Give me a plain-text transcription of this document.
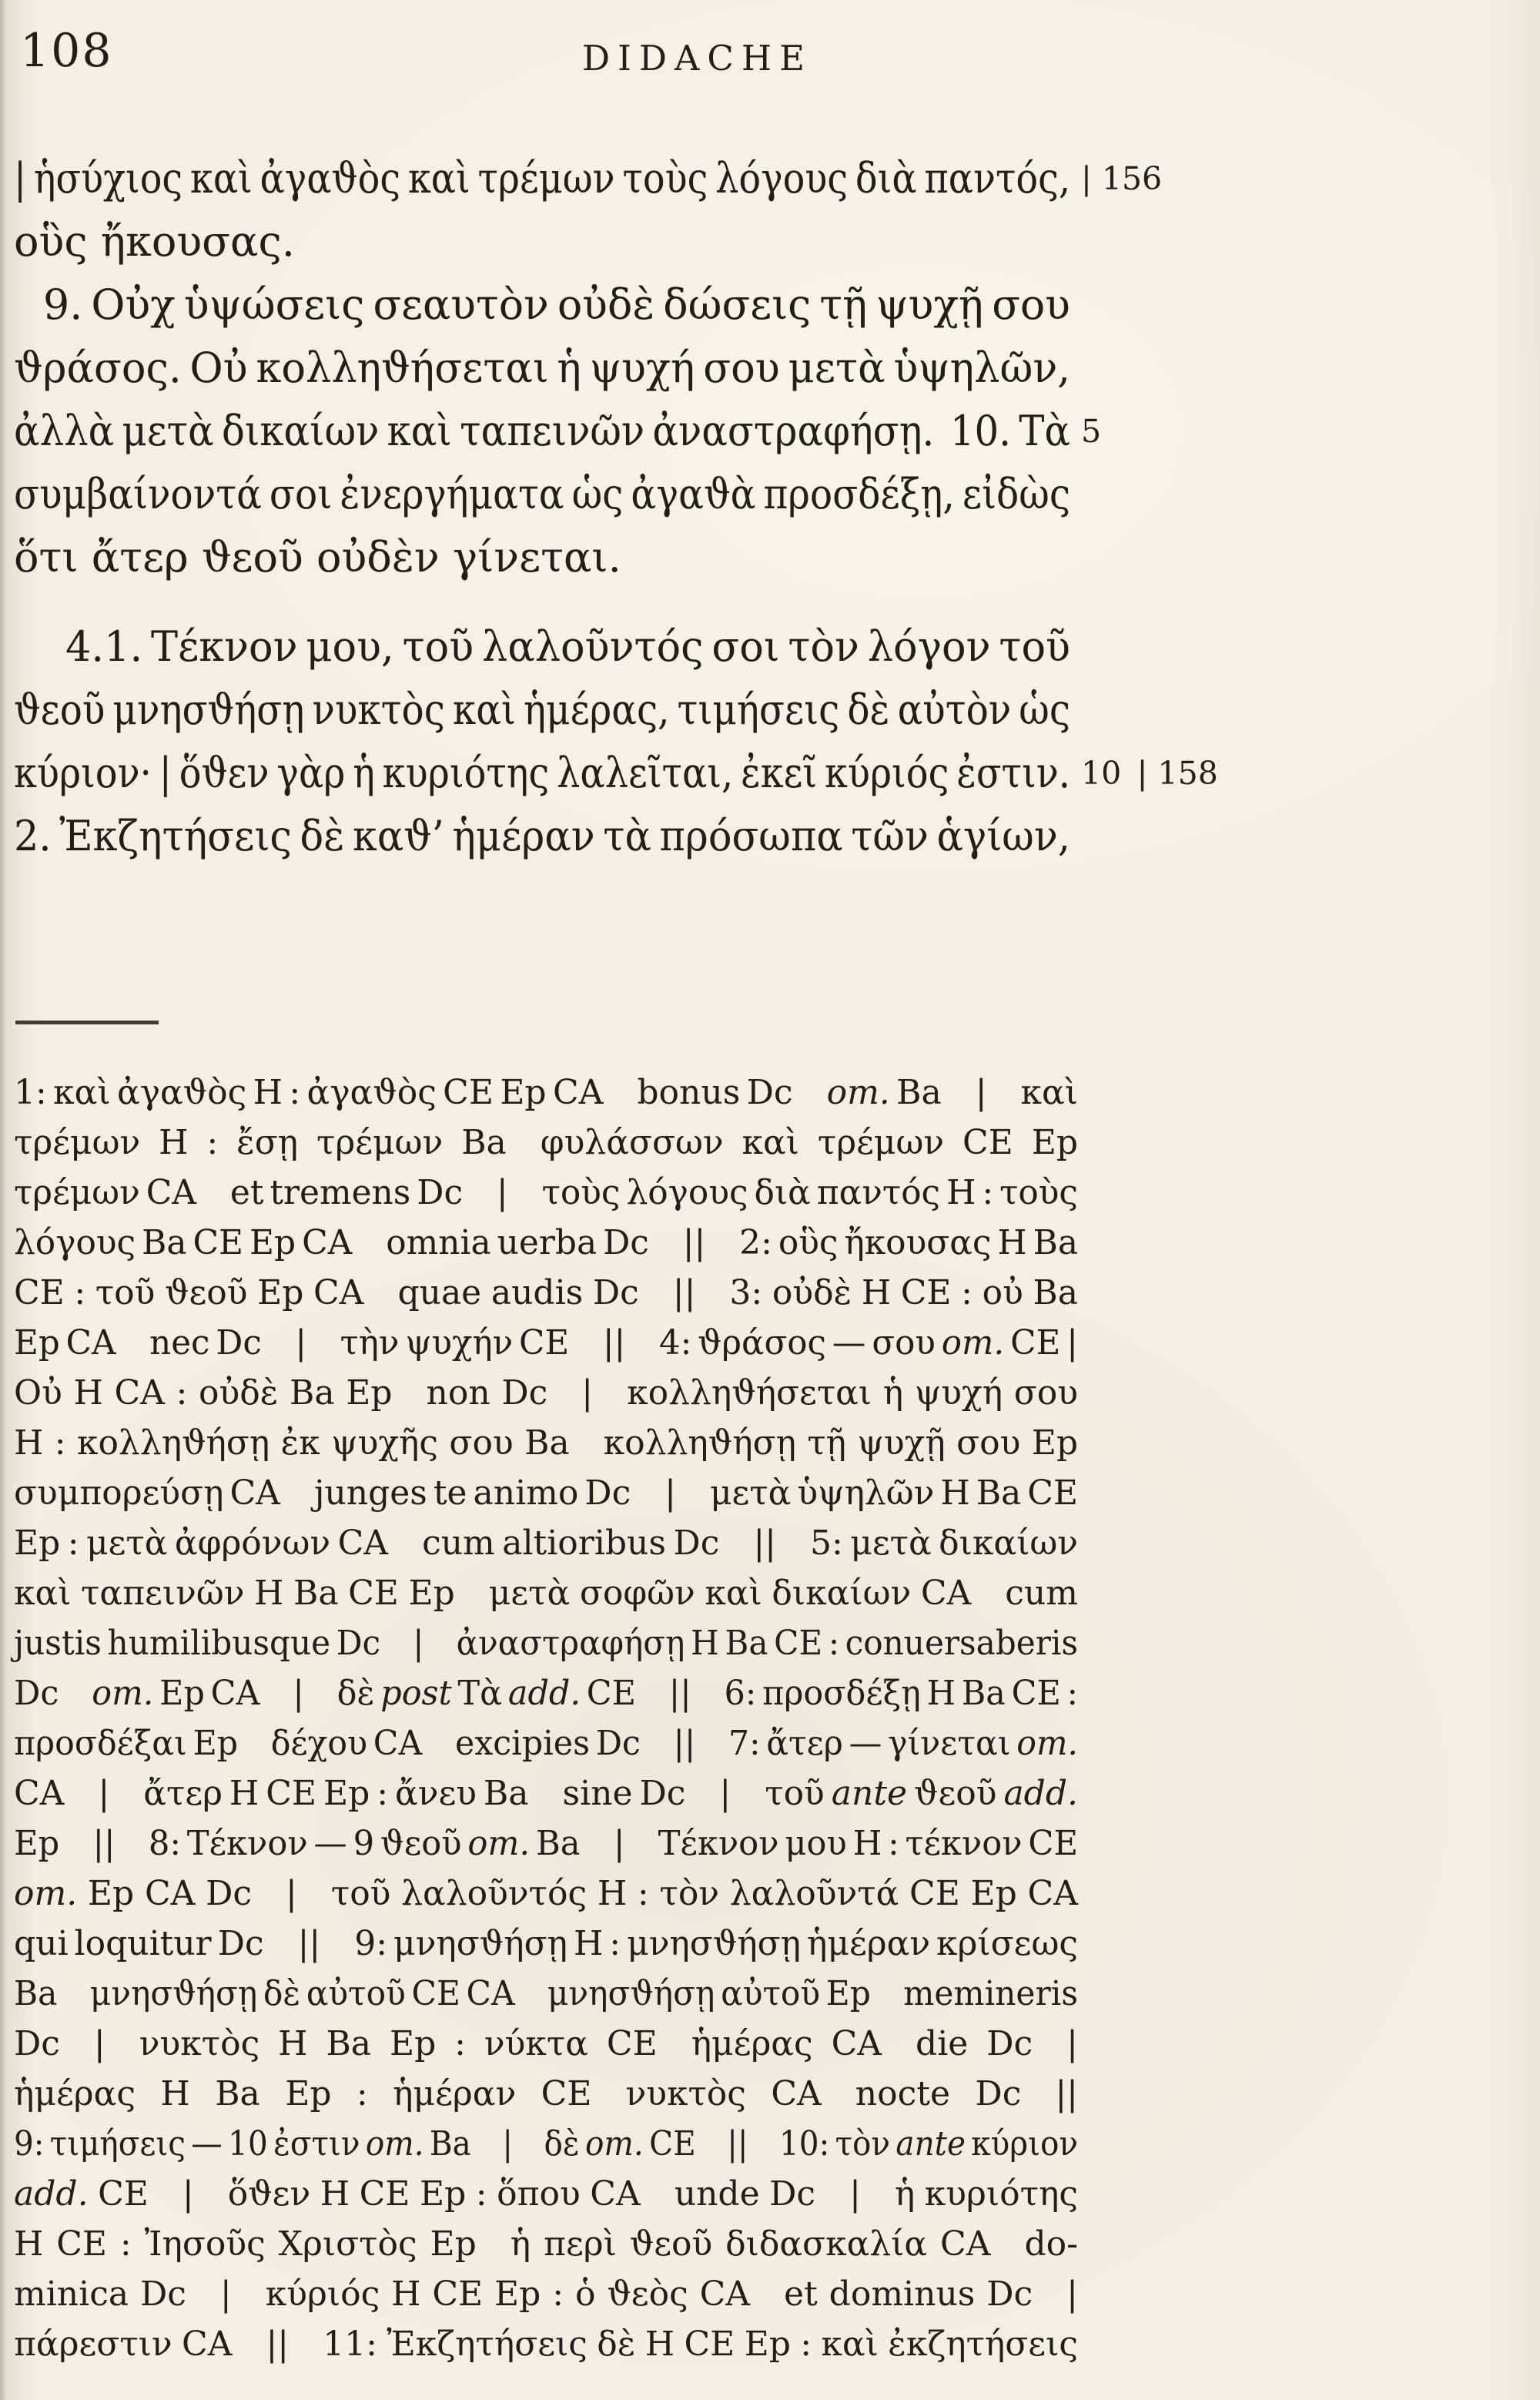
108	DIDACHE
| ἡσύχιος καὶ ἀγαϑὸς καὶ τρέμων τοὺς λόγους διὰ παντός, | 156
οὓς ἤκουσας.
9. Οὐχ ὑψώσεις σεαυτὸν οὐδὲ δώσεις τῇ ψυχῇ σου
ϑράσος. Οὐ κολληϑήσεται ἡ ψυχή σου μετὰ ὑψηλῶν,
ἀλλὰ μετὰ δικαίων καὶ ταπεινῶν ἀναστραφήσῃ.  10. Τὰ 5
συμβαίνοντά σοι ἐνεργήματα ὡς ἀγαϑὰ προσδέξῃ, εἰδὼς
ὅτι ἄτερ ϑεοῦ οὐδὲν γίνεται.
4.1. Τέκνον μου, τοῦ λαλοῦντός σοι τὸν λόγον τοῦ
ϑεοῦ μνησϑήσῃ νυκτὸς καὶ ἡμέρας, τιμήσεις δὲ αὐτὸν ὡς
κύριον· | ὅϑεν γὰρ ἡ κυριότης λαλεῖται, ἐκεῖ κύριός ἐστιν. 10 | 158
2. Ἐκζητήσεις δὲ καϑ’ ἡμέραν τὰ πρόσωπα τῶν ἁγίων,
1: καὶ ἀγαϑὸς H : ἀγαϑὸς CE Ep CA bonus Dc om. Ba | καὶ
τρέμων H : ἔσῃ τρέμων Ba φυλάσσων καὶ τρέμων CE Ep
τρέμων CA et tremens Dc | τοὺς λόγους διὰ παντός H : τοὺς
λόγους Ba CE Ep CA omnia uerba Dc || 2: οὓς ἤκουσας H Ba
CE : τοῦ ϑεοῦ Ep CA quae audis Dc || 3: οὐδὲ H CE : οὐ Ba
Ep CA nec Dc | τὴν ψυχήν CE || 4: ϑράσος — σου om. CE |
Οὐ H CA : οὐδὲ Ba Ep non Dc | κολληϑήσεται ἡ ψυχή σου
H : κολληϑήσῃ ἐκ ψυχῆς σου Ba κολληϑήσῃ τῇ ψυχῇ σου Ep
συμπορεύσῃ CA junges te animo Dc | μετὰ ὑψηλῶν H Ba CE
Ep : μετὰ ἀφρόνων CA cum altioribus Dc || 5: μετὰ δικαίων
καὶ ταπεινῶν H Ba CE Ep μετὰ σοφῶν καὶ δικαίων CA cum
justis humilibusque Dc | ἀναστραφήσῃ H Ba CE : conuersaberis
Dc om. Ep CA | δὲ post Τὰ add. CE || 6: προσδέξῃ H Ba CE :
προσδέξαι Ep δέχου CA excipies Dc || 7: ἄτερ — γίνεται om.
CA | ἄτερ H CE Ep : ἄνευ Ba sine Dc | τοῦ ante ϑεοῦ add.
Ep || 8: Τέκνον — 9 ϑεοῦ om. Ba | Τέκνον μου H : τέκνον CE
om. Ep CA Dc | τοῦ λαλοῦντός H : τὸν λαλοῦντά CE Ep CA
qui loquitur Dc || 9: μνησϑήσῃ H : μνησϑήσῃ ἡμέραν κρίσεως
Ba μνησϑήσῃ δὲ αὐτοῦ CE CA μνησϑήσῃ αὐτοῦ Ep memineris
Dc | νυκτὸς H Ba Ep : νύκτα CE ἡμέρας CA die Dc |
ἡμέρας H Ba Ep : ἡμέραν CE νυκτὸς CA nocte Dc ||
9: τιμήσεις — 10 ἐστιν om. Ba | δὲ om. CE || 10: τὸν ante κύριον
add. CE | ὅϑεν H CE Ep : ὅπου CA unde Dc | ἡ κυριότης
H CE : Ἰησοῦς Χριστὸς Ep ἡ περὶ ϑεοῦ διδασκαλία CA do-
minica Dc | κύριός H CE Ep : ὁ ϑεὸς CA et dominus Dc |
πάρεστιν CA || 11: Ἐκζητήσεις δὲ H CE Ep : καὶ ἐκζητήσεις
